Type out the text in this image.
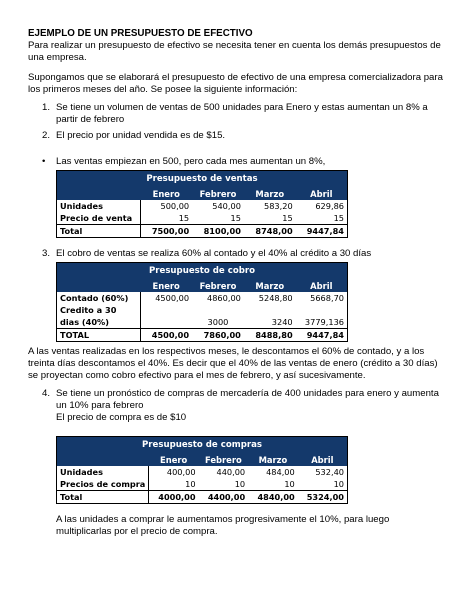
EJEMPLO DE UN PRESUPUESTO DE EFECTIVO
Para realizar un presupuesto de efectivo se necesita tener en cuenta los demás presupuestos de una empresa.
Supongamos que se elaborará el presupuesto de efectivo de una empresa comercializadora para los primeros meses del año. Se posee la siguiente información:
1. Se tiene un volumen de ventas de 500 unidades para Enero y estas aumentan un 8% a partir de febrero
2. El precio por unidad vendida es de $15.
• Las ventas empiezan en 500, pero cada mes aumentan un 8%,
Presupuesto de ventas				
	Enero	Febrero	Marzo	Abril
Unidades	500,00	540,00	583,20	629,86
Precio de venta	15	15	15	15
Total	7500,00	8100,00	8748,00	9447,84
3. El cobro de ventas se realiza 60% al contado y el 40% al crédito a 30 días
Presupuesto de cobro				
	Enero	Febrero	Marzo	Abril
Contado (60%)	4500,00	4860,00	5248,80	5668,70
Credito a 30				
dias (40%)		3000	3240	3779,136
TOTAL	4500,00	7860,00	8488,80	9447,84
A las ventas realizadas en los respectivos meses, le descontamos el 60% de contado, y a los treinta días descontamos el 40%. Es decir que el 40% de las ventas de enero (crédito a 30 días) se proyectan como cobro efectivo para el mes de febrero, y así sucesivamente.
4. Se tiene un pronóstico de compras de mercadería de 400 unidades para enero y aumenta un 10% para febrero
El precio de compra es de $10
Presupuesto de compras				
	Enero	Febrero	Marzo	Abril
Unidades	400,00	440,00	484,00	532,40
Precios de compra	10	10	10	10
Total	4000,00	4400,00	4840,00	5324,00
A las unidades a comprar le aumentamos progresivamente el 10%, para luego multiplicarlas por el precio de compra.
